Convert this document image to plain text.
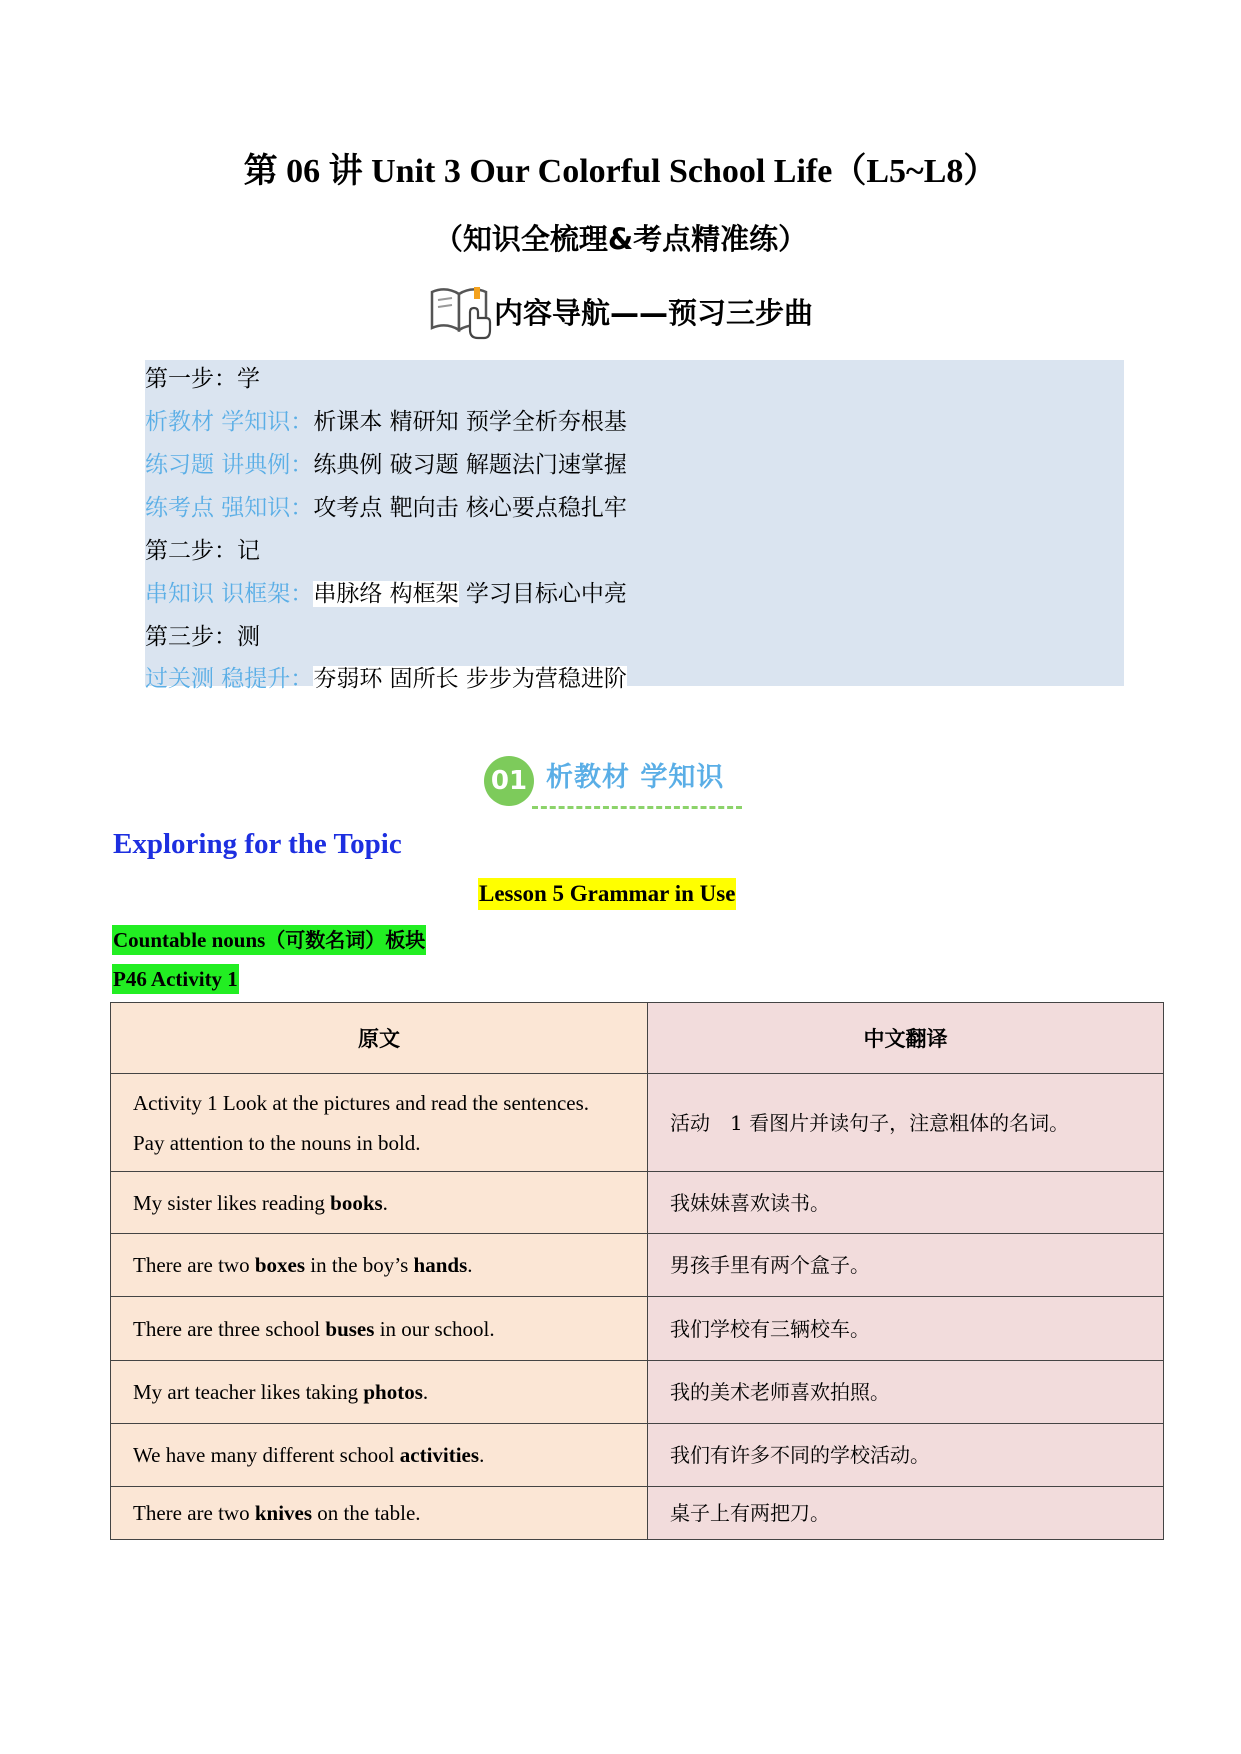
第 06 讲 Unit 3 Our Colorful School Life（L5~L8）
（知识全梳理&考点精准练）
内容导航——预习三步曲
第一步：学
析教材 学知识：析课本 精研知 预学全析夯根基
练习题 讲典例：练典例 破习题 解题法门速掌握
练考点 强知识：攻考点 靶向击 核心要点稳扎牢
第二步：记
串知识 识框架：串脉络 构框架 学习目标心中亮
第三步：测
过关测 稳提升：夯弱环 固所长 步步为营稳进阶
01 析教材 学知识
Exploring for the Topic
Lesson 5 Grammar in Use
Countable nouns（可数名词）板块
P46 Activity 1
原文	中文翻译
Activity 1 Look at the pictures and read the sentences. Pay attention to the nouns in bold.	活动　1 看图片并读句子，注意粗体的名词。
My sister likes reading books.	我妹妹喜欢读书。
There are two boxes in the boy’s hands.	男孩手里有两个盒子。
There are three school buses in our school.	我们学校有三辆校车。
My art teacher likes taking photos.	我的美术老师喜欢拍照。
We have many different school activities.	我们有许多不同的学校活动。
There are two knives on the table.	桌子上有两把刀。
